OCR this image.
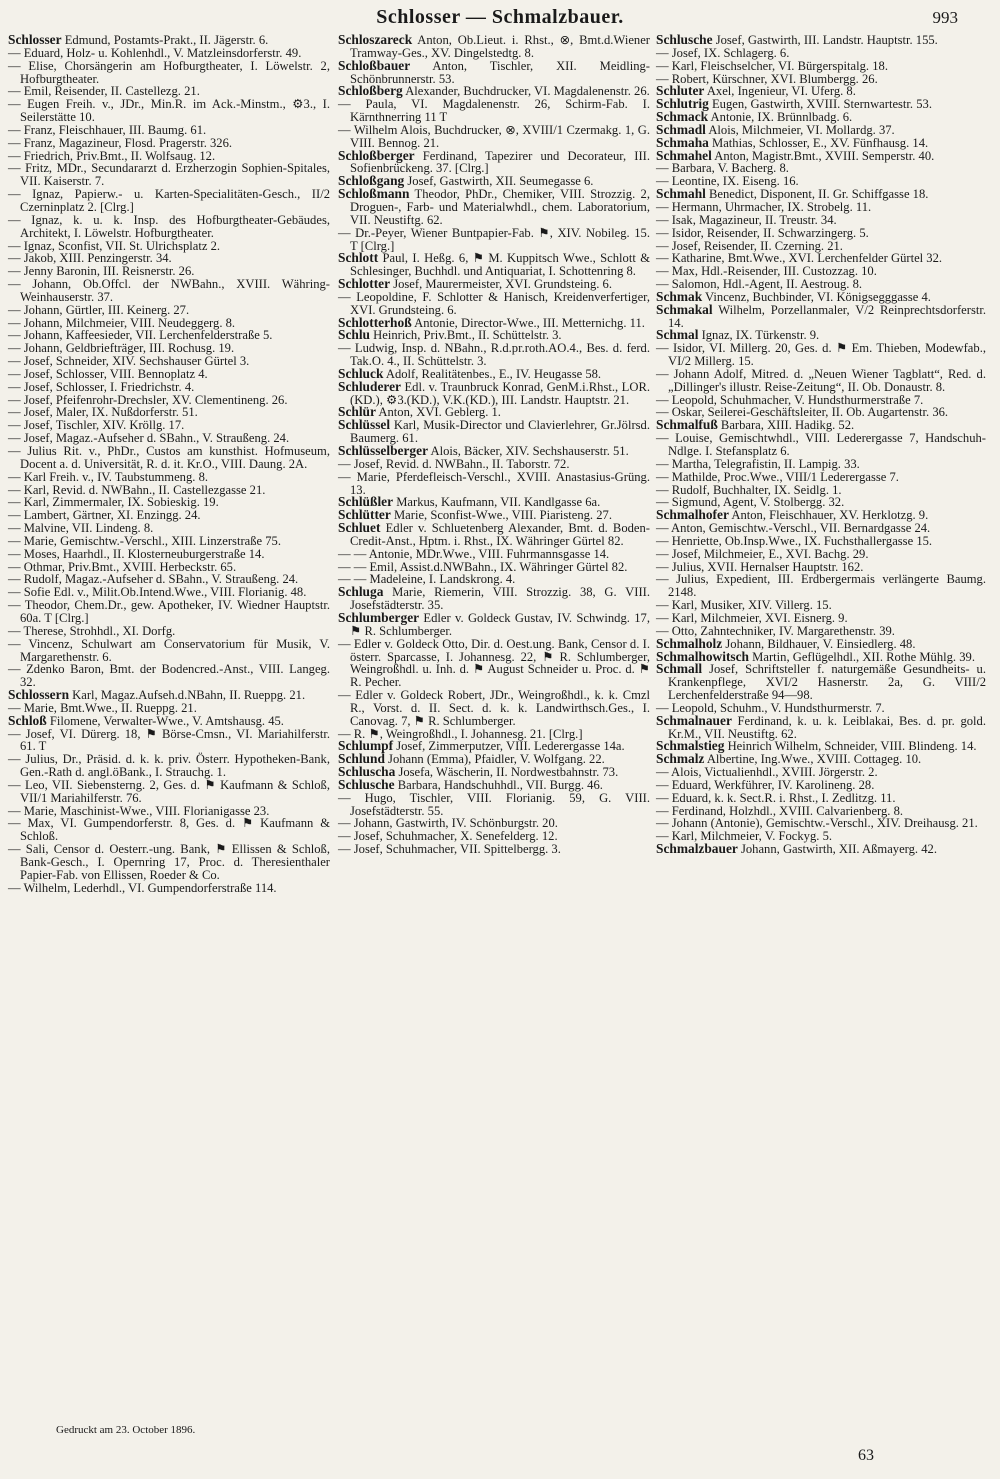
Schlosser — Schmalzbauer.	993

Schlosser Edmund, Postamts-Prakt., II. Jägerstr. 6.

— Eduard, Holz- u. Kohlenhdl., V. Matzleinsdorferstr. 49.

— Elise, Chorsängerin am Hofburgtheater, I. Löwelstr. 2, Hofburgtheater.

— Emil, Reisender, II. Castellezg. 21.

— Eugen Freih. v., JDr., Min.R. im Ack.-Minstm., ⚙3., I. Seilerstätte 10.

— Franz, Fleischhauer, III. Baumg. 61.

— Franz, Magazineur, Flosd. Pragerstr. 326.

— Friedrich, Priv.Bmt., II. Wolfsaug. 12.

— Fritz, MDr., Secundararzt d. Erzherzogin Sophien-Spitales, VII. Kaiserstr. 7.

— Ignaz, Papierw.- u. Karten-Specialitäten-Gesch., II/2 Czerninplatz 2. [Clrg.]

— Ignaz, k. u. k. Insp. des Hofburgtheater-Gebäudes, Architekt, I. Löwelstr. Hofburgtheater.

— Ignaz, Sconfist, VII. St. Ulrichsplatz 2.

— Jakob, XIII. Penzingerstr. 34.

— Jenny Baronin, III. Reisnerstr. 26.

— Johann, Ob.Offcl. der NWBahn., XVIII. Währing-Weinhauserstr. 37.

— Johann, Gürtler, III. Keinerg. 27.

— Johann, Milchmeier, VIII. Neudeggerg. 8.

— Johann, Kaffeesieder, VII. Lerchenfelderstraße 5.

— Johann, Geldbriefträger, III. Rochusg. 19.

— Josef, Schneider, XIV. Sechshauser Gürtel 3.

— Josef, Schlosser, VIII. Bennoplatz 4.

— Josef, Schlosser, I. Friedrichstr. 4.

— Josef, Pfeifenrohr-Drechsler, XV. Clementineng. 26.

— Josef, Maler, IX. Nußdorferstr. 51.

— Josef, Tischler, XIV. Kröllg. 17.

— Josef, Magaz.-Aufseher d. SBahn., V. Straußeng. 24.

— Julius Rit. v., PhDr., Custos am kunsthist. Hofmuseum, Docent a. d. Universität, R. d. it. Kr.O., VIII. Daung. 2A.

— Karl Freih. v., IV. Taubstummeng. 8.

— Karl, Revid. d. NWBahn., II. Castellezgasse 21.

— Karl, Zimmermaler, IX. Sobieskig. 19.

— Lambert, Gärtner, XI. Enzingg. 24.

— Malvine, VII. Lindeng. 8.

— Marie, Gemischtw.-Verschl., XIII. Linzerstraße 75.

— Moses, Haarhdl., II. Klosterneuburgerstraße 14.

— Othmar, Priv.Bmt., XVIII. Herbeckstr. 65.

— Rudolf, Magaz.-Aufseher d. SBahn., V. Straußeng. 24.

— Sofie Edl. v., Milit.Ob.Intend.Wwe., VIII. Florianig. 48.

— Theodor, Chem.Dr., gew. Apotheker, IV. Wiedner Hauptstr. 60a. T [Clrg.]

— Therese, Strohhdl., XI. Dorfg.

— Vincenz, Schulwart am Conservatorium für Musik, V. Margarethenstr. 6.

— Zdenko Baron, Bmt. der Bodencred.-Anst., VIII. Langeg. 32.

Schlossern Karl, Magaz.Aufseh.d.NBahn, II. Rueppg. 21.

— Marie, Bmt.Wwe., II. Rueppg. 21.

Schloß Filomene, Verwalter-Wwe., V. Amtshausg. 45.

— Josef, VI. Dürerg. 18, ⚑ Börse-Cmsn., VI. Mariahilferstr. 61. T

— Julius, Dr., Präsid. d. k. k. priv. Österr. Hypotheken-Bank, Gen.-Rath d. angl.öBank., I. Strauchg. 1.

— Leo, VII. Siebensterng. 2, Ges. d. ⚑ Kaufmann & Schloß, VII/1 Mariahilferstr. 76.

— Marie, Maschinist-Wwe., VIII. Florianigasse 23.

— Max, VI. Gumpendorferstr. 8, Ges. d. ⚑ Kaufmann & Schloß.

— Sali, Censor d. Oesterr.-ung. Bank, ⚑ Ellissen & Schloß, Bank-Gesch., I. Opernring 17, Proc. d. Theresienthaler Papier-Fab. von Ellissen, Roeder & Co.

— Wilhelm, Lederhdl., VI. Gumpendorferstraße 114.

Schloszareck Anton, Ob.Lieut. i. Rhst., ⊗, Bmt.d.Wiener Tramway-Ges., XV. Dingelstedtg. 8.

Schloßbauer Anton, Tischler, XII. Meidling-Schönbrunnerstr. 53.

Schloßberg Alexander, Buchdrucker, VI. Magdalenenstr. 26.

— Paula, VI. Magdalenenstr. 26, Schirm-Fab. I. Kärnthnerring 11 T

— Wilhelm Alois, Buchdrucker, ⊗, XVIII/1 Czermakg. 1, G. VIII. Bennog. 21.

Schloßberger Ferdinand, Tapezirer und Decorateur, III. Sofienbrückeng. 37. [Clrg.]

Schloßgang Josef, Gastwirth, XII. Seumegasse 6.

Schloßmann Theodor, PhDr., Chemiker, VIII. Strozzig. 2, Droguen-, Farb- und Materialwhdl., chem. Laboratorium, VII. Neustiftg. 62.

— Dr.-Peyer, Wiener Buntpapier-Fab. ⚑, XIV. Nobileg. 15. T [Clrg.]

Schlott Paul, I. Heßg. 6, ⚑ M. Kuppitsch Wwe., Schlott & Schlesinger, Buchhdl. und Antiquariat, I. Schottenring 8.

Schlotter Josef, Maurermeister, XVI. Grundsteing. 6.

— Leopoldine, F. Schlotter & Hanisch, Kreidenverfertiger, XVI. Grundsteing. 6.

Schlotterhoß Antonie, Director-Wwe., III. Metternichg. 11.

Schlu Heinrich, Priv.Bmt., II. Schüttelstr. 3.

— Ludwig, Insp. d. NBahn., R.d.pr.roth.AO.4., Bes. d. ferd. Tak.O. 4., II. Schüttelstr. 3.

Schluck Adolf, Realitätenbes., E., IV. Heugasse 58.

Schluderer Edl. v. Traunbruck Konrad, GenM.i.Rhst., LOR.(KD.), ⚙3.(KD.), V.K.(KD.), III. Landstr. Hauptstr. 21.

Schlür Anton, XVI. Geblerg. 1.

Schlüssel Karl, Musik-Director und Clavierlehrer, Gr.Jölrsd. Baumerg. 61.

Schlüsselberger Alois, Bäcker, XIV. Sechshauserstr. 51.

— Josef, Revid. d. NWBahn., II. Taborstr. 72.

— Marie, Pferdefleisch-Verschl., XVIII. Anastasius-Grüng. 13.

Schlüßler Markus, Kaufmann, VII. Kandlgasse 6a.

Schlütter Marie, Sconfist-Wwe., VIII. Piaristeng. 27.

Schluet Edler v. Schluetenberg Alexander, Bmt. d. Boden-Credit-Anst., Hptm. i. Rhst., IX. Währinger Gürtel 82.

— — Antonie, MDr.Wwe., VIII. Fuhrmannsgasse 14.

— — Emil, Assist.d.NWBahn., IX. Währinger Gürtel 82.

— — Madeleine, I. Landskrong. 4.

Schluga Marie, Riemerin, VIII. Strozzig. 38, G. VIII. Josefstädterstr. 35.

Schlumberger Edler v. Goldeck Gustav, IV. Schwindg. 17, ⚑ R. Schlumberger.

— Edler v. Goldeck Otto, Dir. d. Oest.ung. Bank, Censor d. I. österr. Sparcasse, I. Johannesg. 22, ⚑ R. Schlumberger, Weingroßhdl. u. Inh. d. ⚑ August Schneider u. Proc. d. ⚑ R. Pecher.

— Edler v. Goldeck Robert, JDr., Weingroßhdl., k. k. Cmzl R., Vorst. d. II. Sect. d. k. k. Landwirthsch.Ges., I. Canovag. 7, ⚑ R. Schlumberger.

— R. ⚑, Weingroßhdl., I. Johannesg. 21. [Clrg.]

Schlumpf Josef, Zimmerputzer, VIII. Lederergasse 14a.

Schlund Johann (Emma), Pfaidler, V. Wolfgang. 22.

Schluscha Josefa, Wäscherin, II. Nordwestbahnstr. 73.

Schlusche Barbara, Handschuhhdl., VII. Burgg. 46.

— Hugo, Tischler, VIII. Florianig. 59, G. VIII. Josefstädterstr. 55.

— Johann, Gastwirth, IV. Schönburgstr. 20.

— Josef, Schuhmacher, X. Senefelderg. 12.

— Josef, Schuhmacher, VII. Spittelbergg. 3.

Schlusche Josef, Gastwirth, III. Landstr. Hauptstr. 155.

— Josef, IX. Schlagerg. 6.

— Karl, Fleischselcher, VI. Bürgerspitalg. 18.

— Robert, Kürschner, XVI. Blumbergg. 26.

Schluter Axel, Ingenieur, VI. Uferg. 8.

Schlutrig Eugen, Gastwirth, XVIII. Sternwartestr. 53.

Schmack Antonie, IX. Brünnlbadg. 6.

Schmadl Alois, Milchmeier, VI. Mollardg. 37.

Schmaha Mathias, Schlosser, E., XV. Fünfhausg. 14.

Schmahel Anton, Magistr.Bmt., XVIII. Semperstr. 40.

— Barbara, V. Bacherg. 8.

— Leontine, IX. Eiseng. 16.

Schmahl Benedict, Disponent, II. Gr. Schiffgasse 18.

— Hermann, Uhrmacher, IX. Strobelg. 11.

— Isak, Magazineur, II. Treustr. 34.

— Isidor, Reisender, II. Schwarzingerg. 5.

— Josef, Reisender, II. Czerning. 21.

— Katharine, Bmt.Wwe., XVI. Lerchenfelder Gürtel 32.

— Max, Hdl.-Reisender, III. Custozzag. 10.

— Salomon, Hdl.-Agent, II. Aestroug. 8.

Schmak Vincenz, Buchbinder, VI. Königsegggasse 4.

Schmakal Wilhelm, Porzellanmaler, V/2 Reinprechtsdorferstr. 14.

Schmal Ignaz, IX. Türkenstr. 9.

— Isidor, VI. Millerg. 20, Ges. d. ⚑ Em. Thieben, Modewfab., VI/2 Millerg. 15.

— Johann Adolf, Mitred. d. „Neuen Wiener Tagblatt“, Red. d. „Dillinger's illustr. Reise-Zeitung“, II. Ob. Donaustr. 8.

— Leopold, Schuhmacher, V. Hundsthurmerstraße 7.

— Oskar, Seilerei-Geschäftsleiter, II. Ob. Augartenstr. 36.

Schmalfuß Barbara, XIII. Hadikg. 52.

— Louise, Gemischtwhdl., VIII. Lederergasse 7, Handschuh-Ndlge. I. Stefansplatz 6.

— Martha, Telegrafistin, II. Lampig. 33.

— Mathilde, Proc.Wwe., VIII/1 Lederergasse 7.

— Rudolf, Buchhalter, IX. Seidlg. 1.

— Sigmund, Agent, V. Stolbergg. 32.

Schmalhofer Anton, Fleischhauer, XV. Herklotzg. 9.

— Anton, Gemischtw.-Verschl., VII. Bernardgasse 24.

— Henriette, Ob.Insp.Wwe., IX. Fuchsthallergasse 15.

— Josef, Milchmeier, E., XVI. Bachg. 29.

— Julius, XVII. Hernalser Hauptstr. 162.

— Julius, Expedient, III. Erdbergermais verlängerte Baumg. 2148.

— Karl, Musiker, XIV. Villerg. 15.

— Karl, Milchmeier, XVI. Eisnerg. 9.

— Otto, Zahntechniker, IV. Margarethenstr. 39.

Schmalholz Johann, Bildhauer, V. Einsiedlerg. 48.

Schmalhowitsch Martin, Geflügelhdl., XII. Rothe Mühlg. 39.

Schmall Josef, Schriftsteller f. naturgemäße Gesundheits- u. Krankenpflege, XVI/2 Hasnerstr. 2a, G. VIII/2 Lerchenfelderstraße 94—98.

— Leopold, Schuhm., V. Hundsthurmerstr. 7.

Schmalnauer Ferdinand, k. u. k. Leiblakai, Bes. d. pr. gold. Kr.M., VII. Neustiftg. 62.

Schmalstieg Heinrich Wilhelm, Schneider, VIII. Blindeng. 14.

Schmalz Albertine, Ing.Wwe., XVIII. Cottageg. 10.

— Alois, Victualienhdl., XVIII. Jörgerstr. 2.

— Eduard, Werkführer, IV. Karolineng. 28.

— Eduard, k. k. Sect.R. i. Rhst., I. Zedlitzg. 11.

— Ferdinand, Holzhdl., XVIII. Calvarienberg. 8.

— Johann (Antonie), Gemischtw.-Verschl., XIV. Dreihausg. 21.

— Karl, Milchmeier, V. Fockyg. 5.

Schmalzbauer Johann, Gastwirth, XII. Aßmayerg. 42.

Gedruckt am 23. October 1896.
63
